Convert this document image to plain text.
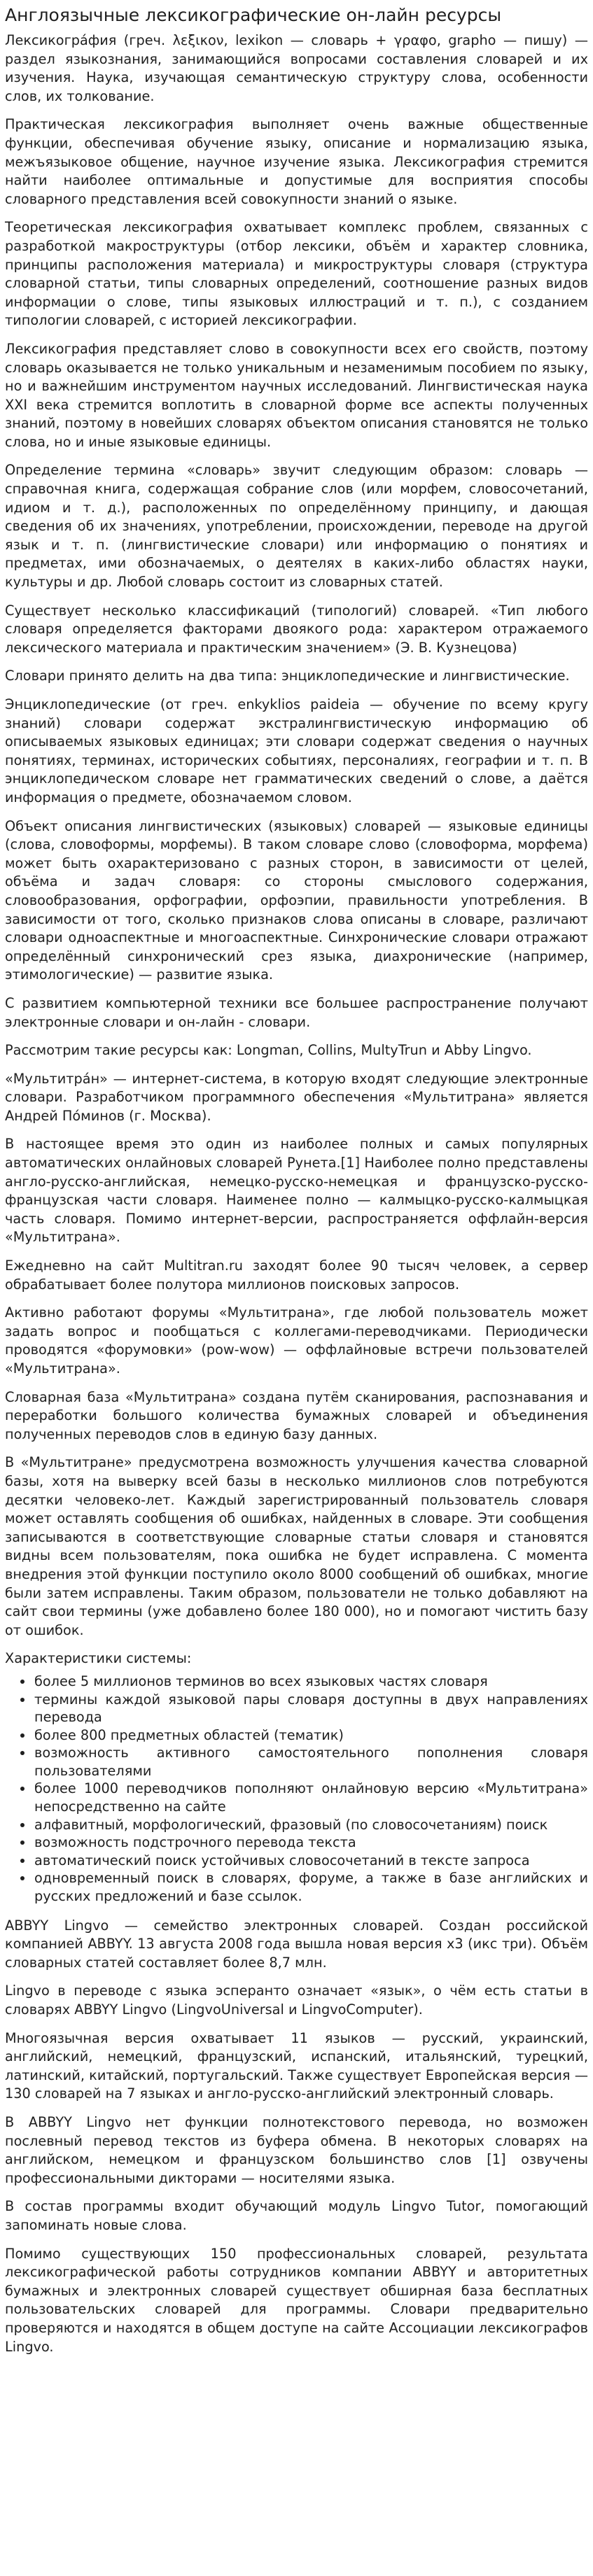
Англоязычные лексикографические он-лайн ресурсы

Лексикогра́фия (греч. λεξικον, lexikon — словарь + γραφο, grapho — пишу) — раздел языкознания, занимающийся вопросами составления словарей и их изучения. Наука, изучающая семантическую структуру слова, особенности слов, их толкование.

Практическая лексикография выполняет очень важные общественные функции, обеспечивая обучение языку, описание и нормализацию языка, межъязыковое общение, научное изучение языка. Лексикография стремится найти наиболее оптимальные и допустимые для восприятия способы словарного представления всей совокупности знаний о языке.

Теоретическая лексикография охватывает комплекс проблем, связанных с разработкой макроструктуры (отбор лексики, объём и характер словника, принципы расположения материала) и микроструктуры словаря (структура словарной статьи, типы словарных определений, соотношение разных видов информации о слове, типы языковых иллюстраций и т. п.), с созданием типологии словарей, с историей лексикографии.

Лексикография представляет слово в совокупности всех его свойств, поэтому словарь оказывается не только уникальным и незаменимым пособием по языку, но и важнейшим инструментом научных исследований. Лингвистическая наука XXI века стремится воплотить в словарной форме все аспекты полученных знаний, поэтому в новейших словарях объектом описания становятся не только слова, но и иные языковые единицы.

Определение термина «словарь» звучит следующим образом: словарь — справочная книга, содержащая собрание слов (или морфем, словосочетаний, идиом и т. д.), расположенных по определённому принципу, и дающая сведения об их значениях, употреблении, происхождении, переводе на другой язык и т. п. (лингвистические словари) или информацию о понятиях и предметах, ими обозначаемых, о деятелях в каких-либо областях науки, культуры и др. Любой словарь состоит из словарных статей.

Существует несколько классификаций (типологий) словарей. «Тип любого словаря определяется факторами двоякого рода: характером отражаемого лексического материала и практическим значением» (Э. В. Кузнецова)

Словари принято делить на два типа: энциклопедические и лингвистические.

Энциклопедические (от греч. enkyklios paideia — обучение по всему кругу знаний) словари содержат экстралингвистическую информацию об описываемых языковых единицах; эти словари содержат сведения о научных понятиях, терминах, исторических событиях, персоналиях, географии и т. п. В энциклопедическом словаре нет грамматических сведений о слове, а даётся информация о предмете, обозначаемом словом.

Объект описания лингвистических (языковых) словарей — языковые единицы (слова, словоформы, морфемы). В таком словаре слово (словоформа, морфема) может быть охарактеризовано с разных сторон, в зависимости от целей, объёма и задач словаря: со стороны смыслового содержания, словообразования, орфографии, орфоэпии, правильности употребления. В зависимости от того, сколько признаков слова описаны в словаре, различают словари одноаспектные и многоаспектные. Синхронические словари отражают определённый синхронический срез языка, диахронические (например, этимологические) — развитие языка.

С развитием компьютерной техники все большее распространение получают электронные словари и он-лайн - словари.

Рассмотрим такие ресурсы как: Longman, Collins, MultyTrun и Abby Lingvo.

«Мультитра́н» — интернет-система, в которую входят следующие электронные словари. Разработчиком программного обеспечения «Мультитрана» является Андрей По́минов (г. Москва).

В настоящее время это один из наиболее полных и самых популярных автоматических онлайновых словарей Рунета.[1] Наиболее полно представлены англо-русско-английская, немецко-русско-немецкая и французско-русско-французская части словаря. Наименее полно — калмыцко-русско-калмыцкая часть словаря. Помимо интернет-версии, распространяется оффлайн-версия «Мультитрана».

Ежедневно на сайт Multitran.ru заходят более 90 тысяч человек, а сервер обрабатывает более полутора миллионов поисковых запросов.

Активно работают форумы «Мультитрана», где любой пользователь может задать вопрос и пообщаться с коллегами-переводчиками. Периодически проводятся «форумовки» (pow-wow) — оффлайновые встречи пользователей «Мультитрана».

Словарная база «Мультитрана» создана путём сканирования, распознавания и переработки большого количества бумажных словарей и объединения полученных переводов слов в единую базу данных.

В «Мультитране» предусмотрена возможность улучшения качества словарной базы, хотя на выверку всей базы в несколько миллионов слов потребуются десятки человеко-лет. Каждый зарегистрированный пользователь словаря может оставлять сообщения об ошибках, найденных в словаре. Эти сообщения записываются в соответствующие словарные статьи словаря и становятся видны всем пользователям, пока ошибка не будет исправлена. С момента внедрения этой функции поступило около 8000 сообщений об ошибках, многие были затем исправлены. Таким образом, пользователи не только добавляют на сайт свои термины (уже добавлено более 180 000), но и помогают чистить базу от ошибок.

Характеристики системы:

более 5 миллионов терминов во всех языковых частях словаря
термины каждой языковой пары словаря доступны в двух направлениях перевода
более 800 предметных областей (тематик)
возможность активного самостоятельного пополнения словаря пользователями
более 1000 переводчиков пополняют онлайновую версию «Мультитрана» непосредственно на сайте
алфавитный, морфологический, фразовый (по словосочетаниям) поиск
возможность подстрочного перевода текста
автоматический поиск устойчивых словосочетаний в тексте запроса
одновременный поиск в словарях, форуме, а также в базе английских и русских предложений и базе ссылок.

ABBYY Lingvo — семейство электронных словарей. Создан российской компанией ABBYY. 13 августа 2008 года вышла новая версия x3 (икс три). Объём словарных статей составляет более 8,7 млн.

Lingvo в переводе с языка эсперанто означает «язык», о чём есть статьи в словарях ABBYY Lingvo (LingvoUniversal и LingvoComputer).

Многоязычная версия охватывает 11 языков — русский, украинский, английский, немецкий, французский, испанский, итальянский, турецкий, латинский, китайский, португальский. Также существует Европейская версия — 130 словарей на 7 языках и англо-русско-английский электронный словарь.

В ABBYY Lingvo нет функции полнотекстового перевода, но возможен послевный перевод текстов из буфера обмена. В некоторых словарях на английском, немецком и французском большинство слов [1] озвучены профессиональными дикторами — носителями языка.

В состав программы входит обучающий модуль Lingvo Tutor, помогающий запоминать новые слова.

Помимо существующих 150 профессиональных словарей, результата лексикографической работы сотрудников компании ABBYY и авторитетных бумажных и электронных словарей существует обширная база бесплатных пользовательских словарей для программы. Словари предварительно проверяются и находятся в общем доступе на сайте Ассоциации лексикографов Lingvo.
